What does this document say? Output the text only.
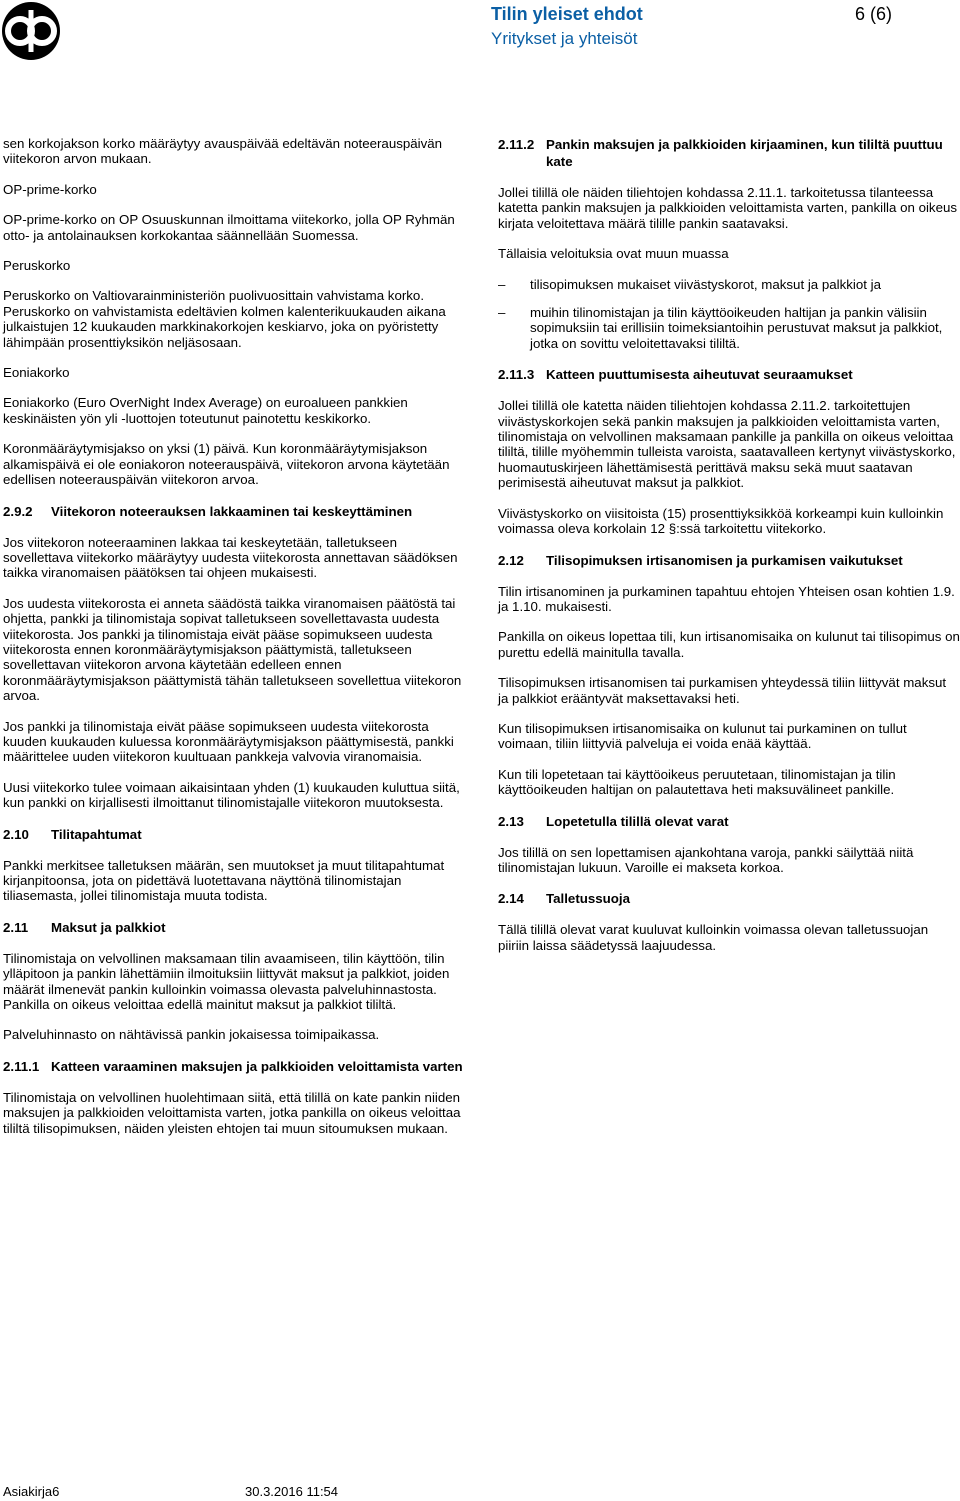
Tilin yleiset ehdot	6 (6)
Yritykset ja yhteisöt

sen korkojakson korko määräytyy avauspäivää edeltävän noteerauspäivän viitekoron arvon mukaan.

OP-prime-korko

OP-prime-korko on OP Osuuskunnan ilmoittama viitekorko, jolla OP Ryhmän otto- ja antolainauksen korkokantaa säännellään Suomessa.

Peruskorko

Peruskorko on Valtiovarainministeriön puolivuosittain vahvistama korko. Peruskorko on vahvistamista edeltävien kolmen kalenterikuukauden aikana julkaistujen 12 kuukauden markkinakorkojen keskiarvo, joka on pyöristetty lähimpään prosenttiyksikön neljäsosaan.

Eoniakorko

Eoniakorko (Euro OverNight Index Average) on euroalueen pankkien keskinäisten yön yli -luottojen toteutunut painotettu keskikorko.

Koronmääräytymisjakso on yksi (1) päivä. Kun koronmääräytymisjakson alkamispäivä ei ole eoniakoron noteerauspäivä, viitekoron arvona käytetään edellisen noteerauspäivän viitekoron arvoa.

2.9.2	Viitekoron noteerauksen lakkaaminen tai keskeyttäminen

Jos viitekoron noteeraaminen lakkaa tai keskeytetään, talletukseen sovellettava viitekorko määräytyy uudesta viitekorosta annettavan säädöksen taikka viranomaisen päätöksen tai ohjeen mukaisesti.

Jos uudesta viitekorosta ei anneta säädöstä taikka viranomaisen päätöstä tai ohjetta, pankki ja tilinomistaja sopivat talletukseen sovellettavasta uudesta viitekorosta. Jos pankki ja tilinomistaja eivät pääse sopimukseen uudesta viitekorosta ennen koronmääräytymisjakson päättymistä, talletukseen sovellettavan viitekoron arvona käytetään edelleen ennen koronmääräytymisjakson päättymistä tähän talletukseen sovellettua viitekoron arvoa.

Jos pankki ja tilinomistaja eivät pääse sopimukseen uudesta viitekorosta kuuden kuukauden kuluessa koronmääräytymisjakson päättymisestä, pankki määrittelee uuden viitekoron kuultuaan pankkeja valvovia viranomaisia.

Uusi viitekorko tulee voimaan aikaisintaan yhden (1) kuukauden kuluttua siitä, kun pankki on kirjallisesti ilmoittanut tilinomistajalle viitekoron muutoksesta.

2.10	Tilitapahtumat

Pankki merkitsee talletuksen määrän, sen muutokset ja muut tilitapahtumat kirjanpitoonsa, jota on pidettävä luotettavana näyttönä tilinomistajan tiliasemasta, jollei tilinomistaja muuta todista.

2.11	Maksut ja palkkiot

Tilinomistaja on velvollinen maksamaan tilin avaamiseen, tilin käyttöön, tilin ylläpitoon ja pankin lähettämiin ilmoituksiin liittyvät maksut ja palkkiot, joiden määrät ilmenevät pankin kulloinkin voimassa olevasta palveluhinnastosta. Pankilla on oikeus veloittaa edellä mainitut maksut ja palkkiot tililtä.

Palveluhinnasto on nähtävissä pankin jokaisessa toimipaikassa.

2.11.1 Katteen varaaminen maksujen ja palkkioiden veloittamista varten

Tilinomistaja on velvollinen huolehtimaan siitä, että tilillä on kate pankin niiden maksujen ja palkkioiden veloittamista varten, jotka pankilla on oikeus veloittaa tililtä tilisopimuksen, näiden yleisten ehtojen tai muun sitoumuksen mukaan.

2.11.2 Pankin maksujen ja palkkioiden kirjaaminen, kun tililtä puuttuu kate

Jollei tilillä ole näiden tiliehtojen kohdassa 2.11.1. tarkoitetussa tilanteessa katetta pankin maksujen ja palkkioiden veloittamista varten, pankilla on oikeus kirjata veloitettava määrä tilille pankin saatavaksi.

Tällaisia veloituksia ovat muun muassa

–	tilisopimuksen mukaiset viivästyskorot, maksut ja palkkiot ja
–	muihin tilinomistajan ja tilin käyttöoikeuden haltijan ja pankin välisiin sopimuksiin tai erillisiin toimeksiantoihin perustuvat maksut ja palkkiot, jotka on sovittu veloitettavaksi tililtä.
2.11.3 Katteen puuttumisesta aiheutuvat seuraamukset

Jollei tilillä ole katetta näiden tiliehtojen kohdassa 2.11.2. tarkoitettujen viivästyskorkojen sekä pankin maksujen ja palkkioiden veloittamista varten, tilinomistaja on velvollinen maksamaan pankille ja pankilla on oikeus veloittaa tililtä, tilille myöhemmin tulleista varoista, saatavalleen kertynyt viivästyskorko, huomautuskirjeen lähettämisestä perittävä maksu sekä muut saatavan perimisestä aiheutuvat maksut ja palkkiot.

Viivästyskorko on viisitoista (15) prosenttiyksikköä korkeampi kuin kulloinkin voimassa oleva korkolain 12 §:ssä tarkoitettu viitekorko.

2.12	Tilisopimuksen irtisanomisen ja purkamisen vaikutukset

Tilin irtisanominen ja purkaminen tapahtuu ehtojen Yhteisen osan kohtien 1.9. ja 1.10. mukaisesti.

Pankilla on oikeus lopettaa tili, kun irtisanomisaika on kulunut tai tilisopimus on purettu edellä mainitulla tavalla.

Tilisopimuksen irtisanomisen tai purkamisen yhteydessä tiliin liittyvät maksut ja palkkiot erääntyvät maksettavaksi heti.

Kun tilisopimuksen irtisanomisaika on kulunut tai purkaminen on tullut voimaan, tiliin liittyviä palveluja ei voida enää käyttää.

Kun tili lopetetaan tai käyttöoikeus peruutetaan, tilinomistajan ja tilin käyttöoikeuden haltijan on palautettava heti maksuvälineet pankille.

2.13	Lopetetulla tilillä olevat varat

Jos tilillä on sen lopettamisen ajankohtana varoja, pankki säilyttää niitä tilinomistajan lukuun. Varoille ei makseta korkoa.

2.14	Talletussuoja

Tällä tilillä olevat varat kuuluvat kulloinkin voimassa olevan talletussuojan piiriin laissa säädetyssä laajuudessa.

Asiakirja6	30.3.2016 11:54
